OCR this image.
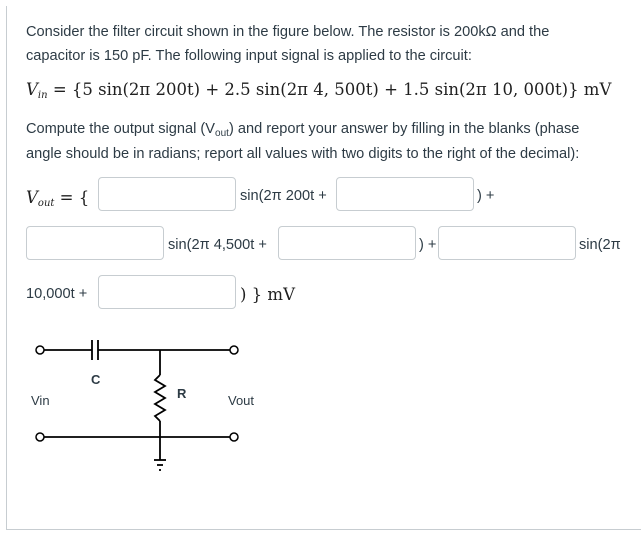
Consider the filter circuit shown in the figure below. The resistor is 200kΩ and the
capacitor is 150 pF. The following input signal is applied to the circuit:
$V_{in} = \{5$ sin(2π 200t) + 2.5 sin(2π 4, 500t) + 1.5 sin(2π 10, 000t)} mV
Compute the output signal $(V_{out})$ and report your answer by filling in the blanks (phase
angle should be in radians; report all values with two digits to the right of the decimal):
$V_{out}$ = {	sin(2π 200t +	) +
sin(2π 4,500t +	) +	sin(2π
10,000t +	) } mV
C
R
Vin	Vout
